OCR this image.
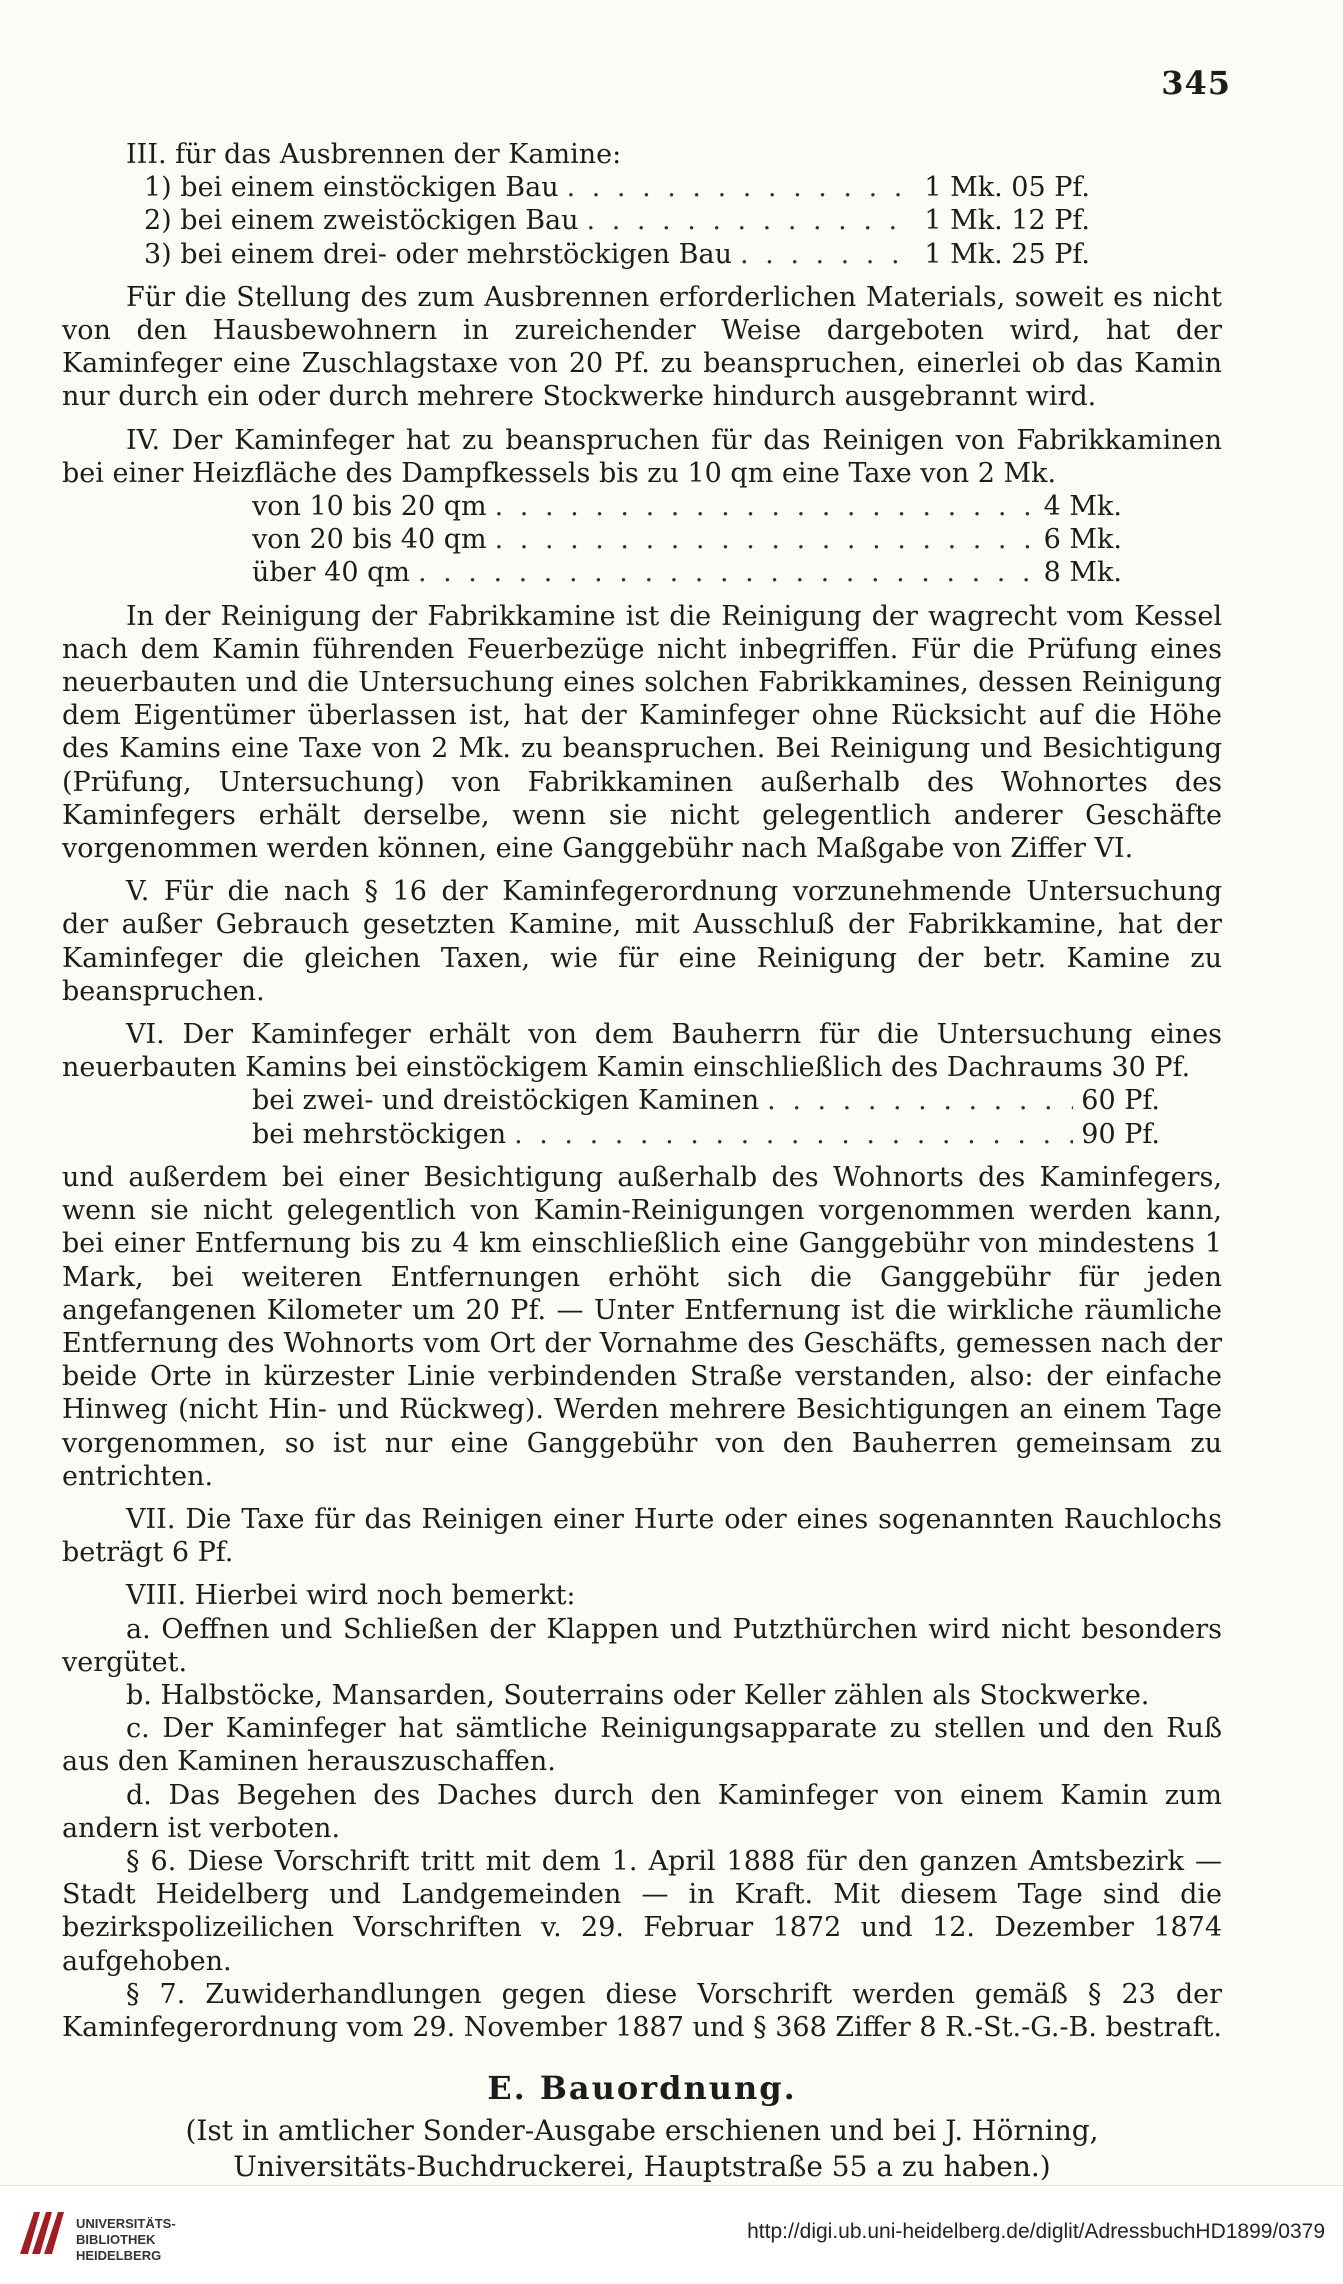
345

III. für das Ausbrennen der Kamine:

1) bei einem einstöckigen Bau . . .	1 Mk. 05 Pf.
2) bei einem zweistöckigen Bau . . .	1 Mk. 12 Pf.
3) bei einem drei- oder mehrstöckigen Bau . . .	1 Mk. 25 Pf.

Für die Stellung des zum Ausbrennen erforderlichen Materials, soweit es nicht von den Hausbewohnern in zureichender Weise dargeboten wird, hat der Kaminfeger eine Zuschlagstaxe von 20 Pf. zu beanspruchen, einerlei ob das Kamin nur durch ein oder durch mehrere Stockwerke hindurch ausgebrannt wird.

IV. Der Kaminfeger hat zu beanspruchen für das Reinigen von Fabrikkaminen bei einer Heizfläche des Dampfkessels bis zu 10 qm eine Taxe von 2 Mk.

von 10 bis 20 qm . . .	4 Mk.
von 20 bis 40 qm . . .	6 Mk.
über 40 qm . . .	8 Mk.

In der Reinigung der Fabrikkamine ist die Reinigung der wagrecht vom Kessel nach dem Kamin führenden Feuerbezüge nicht inbegriffen. Für die Prüfung eines neuerbauten und die Untersuchung eines solchen Fabrikkamines, dessen Reinigung dem Eigentümer überlassen ist, hat der Kaminfeger ohne Rücksicht auf die Höhe des Kamins eine Taxe von 2 Mk. zu beanspruchen. Bei Reinigung und Besichtigung (Prüfung, Untersuchung) von Fabrikkaminen außerhalb des Wohnortes des Kaminfegers erhält derselbe, wenn sie nicht gelegentlich anderer Geschäfte vorgenommen werden können, eine Ganggebühr nach Maßgabe von Ziffer VI.

V. Für die nach § 16 der Kaminfegerordnung vorzunehmende Untersuchung der außer Gebrauch gesetzten Kamine, mit Ausschluß der Fabrikkamine, hat der Kaminfeger die gleichen Taxen, wie für eine Reinigung der betr. Kamine zu beanspruchen.

VI. Der Kaminfeger erhält von dem Bauherrn für die Untersuchung eines neuerbauten Kamins bei einstöckigem Kamin einschließlich des Dachraums 30 Pf.

bei zwei- und dreistöckigen Kaminen . . .	60 Pf.
bei mehrstöckigen . . .	90 Pf.

und außerdem bei einer Besichtigung außerhalb des Wohnorts des Kaminfegers, wenn sie nicht gelegentlich von Kamin-Reinigungen vorgenommen werden kann, bei einer Entfernung bis zu 4 km einschließlich eine Ganggebühr von mindestens 1 Mark, bei weiteren Entfernungen erhöht sich die Ganggebühr für jeden angefangenen Kilometer um 20 Pf. — Unter Entfernung ist die wirkliche räumliche Entfernung des Wohnorts vom Ort der Vornahme des Geschäfts, gemessen nach der beide Orte in kürzester Linie verbindenden Straße verstanden, also: der einfache Hinweg (nicht Hin- und Rückweg). Werden mehrere Besichtigungen an einem Tage vorgenommen, so ist nur eine Ganggebühr von den Bauherren gemeinsam zu entrichten.

VII. Die Taxe für das Reinigen einer Hurte oder eines sogenannten Rauchlochs beträgt 6 Pf.

VIII. Hierbei wird noch bemerkt:

a. Oeffnen und Schließen der Klappen und Putzthürchen wird nicht besonders vergütet.

b. Halbstöcke, Mansarden, Souterrains oder Keller zählen als Stockwerke.

c. Der Kaminfeger hat sämtliche Reinigungsapparate zu stellen und den Ruß aus den Kaminen herauszuschaffen.

d. Das Begehen des Daches durch den Kaminfeger von einem Kamin zum andern ist verboten.

§ 6. Diese Vorschrift tritt mit dem 1. April 1888 für den ganzen Amtsbezirk — Stadt Heidelberg und Landgemeinden — in Kraft. Mit diesem Tage sind die bezirkspolizeilichen Vorschriften v. 29. Februar 1872 und 12. Dezember 1874 aufgehoben.

§ 7. Zuwiderhandlungen gegen diese Vorschrift werden gemäß § 23 der Kaminfegerordnung vom 29. November 1887 und § 368 Ziffer 8 R.-St.-G.-B. bestraft.

E. Bauordnung.
(Ist in amtlicher Sonder-Ausgabe erschienen und bei J. Hörning,
Universitäts-Buchdruckerei, Hauptstraße 55 a zu haben.)
UNIVERSITÄTS-
BIBLIOTHEK
HEIDELBERG
http://digi.ub.uni-heidelberg.de/diglit/AdressbuchHD1899/0379
